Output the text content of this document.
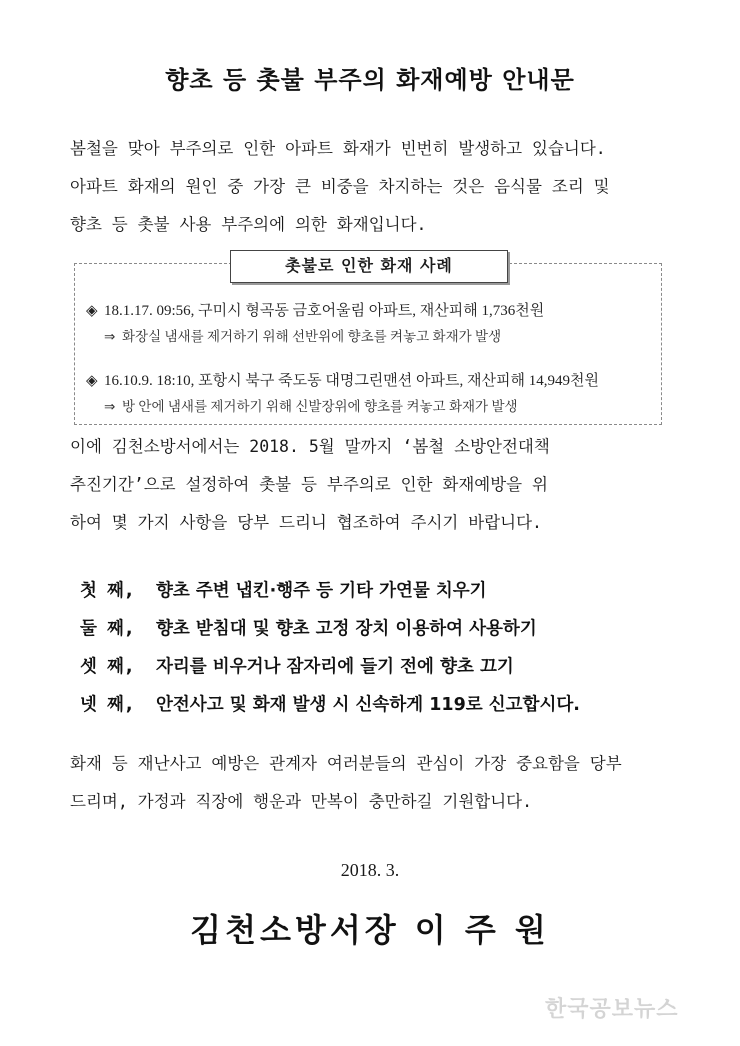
향초 등 촛불 부주의 화재예방 안내문
봄철을 맞아 부주의로 인한 아파트 화재가 빈번히 발생하고 있습니다.
아파트 화재의 원인 중 가장 큰 비중을 차지하는 것은 음식물 조리 및
향초 등 촛불 사용 부주의에 의한 화재입니다.
촛불로 인한 화재 사례
◈ 18.1.17. 09:56, 구미시 형곡동 금호어울림 아파트, 재산피해 1,736천원
⇒ 화장실 냄새를 제거하기 위해 선반위에 향초를 켜놓고 화재가 발생
◈ 16.10.9. 18:10, 포항시 북구 죽도동 대명그린맨션 아파트, 재산피해 14,949천원
⇒ 방 안에 냄새를 제거하기 위해 신발장위에 향초를 켜놓고 화재가 발생
이에 김천소방서에서는 2018. 5월 말까지 ‘봄철 소방안전대책
추진기간’으로 설정하여 촛불 등 부주의로 인한 화재예방을 위
하여 몇 가지 사항을 당부 드리니 협조하여 주시기 바랍니다.
첫 째, 향초 주변 냅킨·행주 등 기타 가연물 치우기
둘 째, 향초 받침대 및 향초 고정 장치 이용하여 사용하기
셋 째, 자리를 비우거나 잠자리에 들기 전에 향초 끄기
넷 째, 안전사고 및 화재 발생 시 신속하게 119로 신고합시다.
화재 등 재난사고 예방은 관계자 여러분들의 관심이 가장 중요함을 당부
드리며, 가정과 직장에 행운과 만복이 충만하길 기원합니다.
2018. 3.
김천소방서장 이 주 원
한국공보뉴스
